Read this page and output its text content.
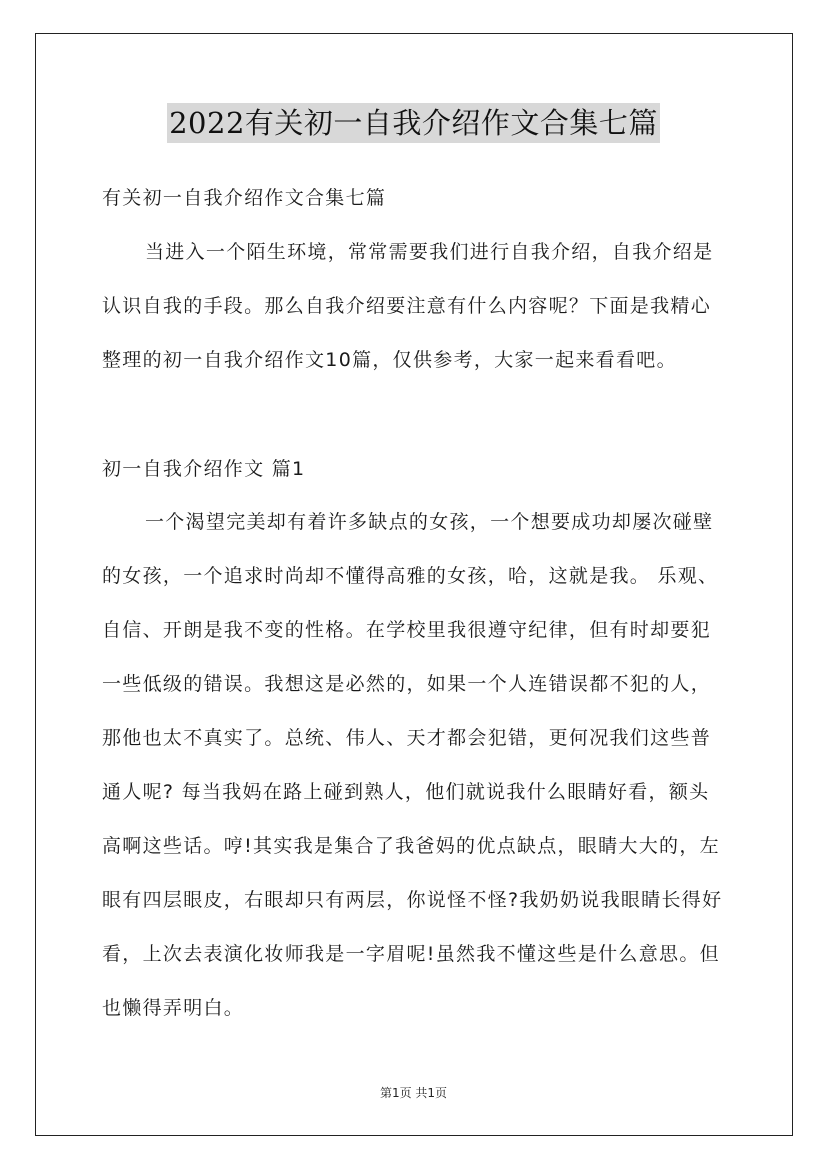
2022有关初一自我介绍作文合集七篇
有关初一自我介绍作文合集七篇
当进入一个陌生环境，常常需要我们进行自我介绍，自我介绍是
认识自我的手段。那么自我介绍要注意有什么内容呢？下面是我精心
整理的初一自我介绍作文10篇，仅供参考，大家一起来看看吧。
初一自我介绍作文 篇1
一个渴望完美却有着许多缺点的女孩，一个想要成功却屡次碰壁
的女孩，一个追求时尚却不懂得高雅的女孩，哈，这就是我。 乐观、
自信、开朗是我不变的性格。在学校里我很遵守纪律，但有时却要犯
一些低级的错误。我想这是必然的，如果一个人连错误都不犯的人，
那他也太不真实了。总统、伟人、天才都会犯错，更何况我们这些普
通人呢? 每当我妈在路上碰到熟人，他们就说我什么眼睛好看，额头
高啊这些话。哼!其实我是集合了我爸妈的优点缺点，眼睛大大的，左
眼有四层眼皮，右眼却只有两层，你说怪不怪?我奶奶说我眼睛长得好
看，上次去表演化妆师我是一字眉呢!虽然我不懂这些是什么意思。但
也懒得弄明白。
第1页 共1页
